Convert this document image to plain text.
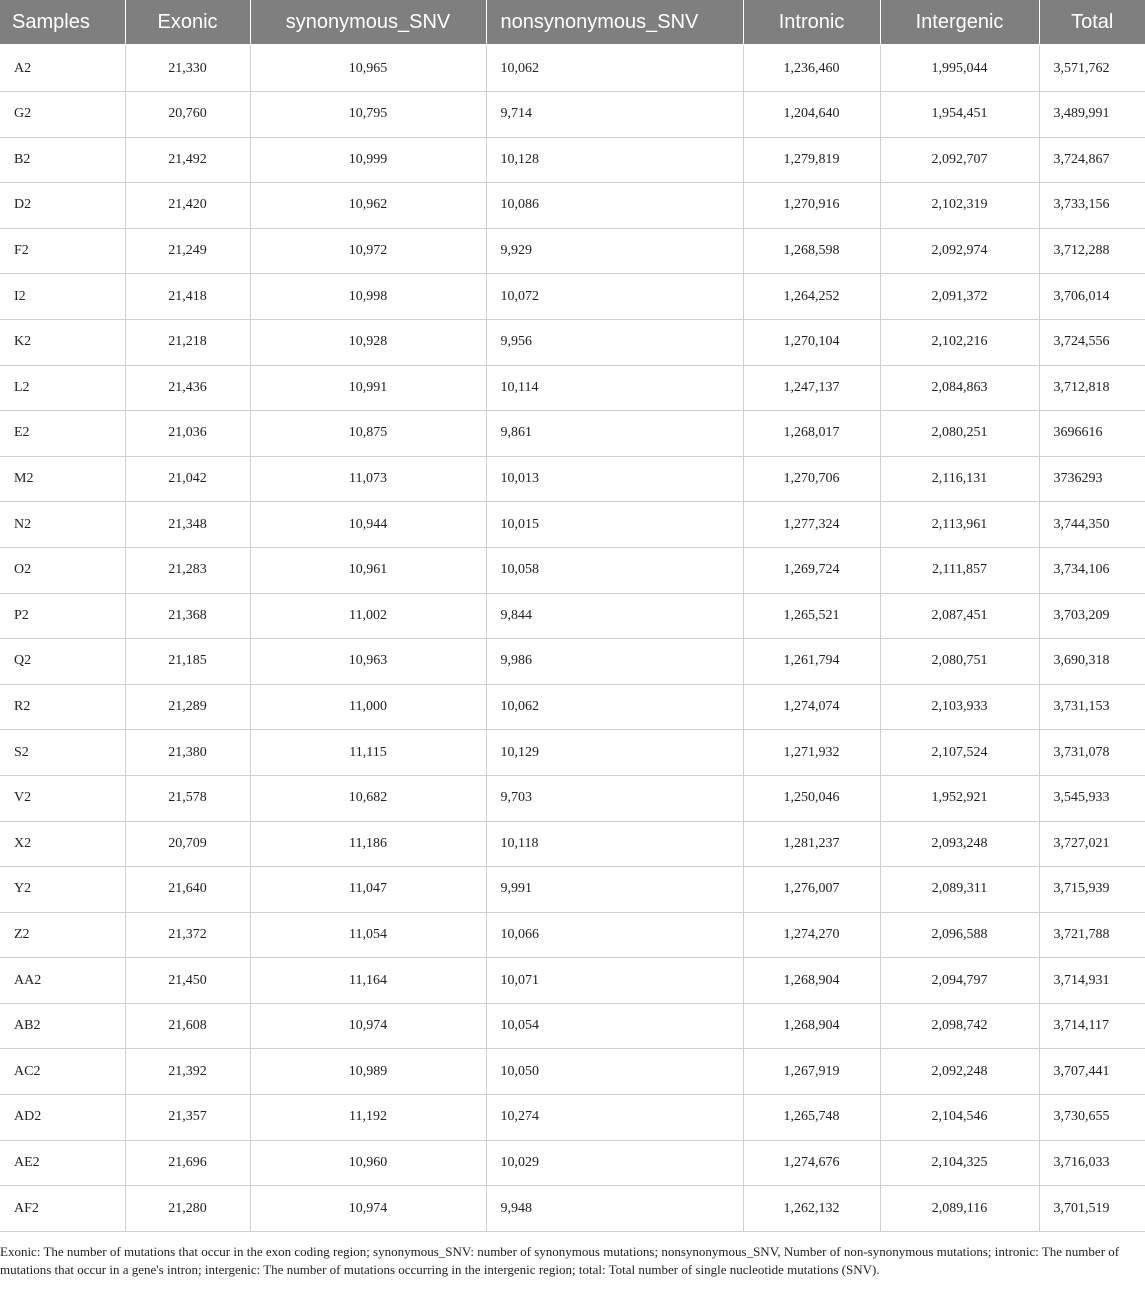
Samples	Exonic	synonymous_SNV	nonsynonymous_SNV	Intronic	Intergenic	Total
A2	21,330	10,965	10,062	1,236,460	1,995,044	3,571,762
G2	20,760	10,795	9,714	1,204,640	1,954,451	3,489,991
B2	21,492	10,999	10,128	1,279,819	2,092,707	3,724,867
D2	21,420	10,962	10,086	1,270,916	2,102,319	3,733,156
F2	21,249	10,972	9,929	1,268,598	2,092,974	3,712,288
I2	21,418	10,998	10,072	1,264,252	2,091,372	3,706,014
K2	21,218	10,928	9,956	1,270,104	2,102,216	3,724,556
L2	21,436	10,991	10,114	1,247,137	2,084,863	3,712,818
E2	21,036	10,875	9,861	1,268,017	2,080,251	3696616
M2	21,042	11,073	10,013	1,270,706	2,116,131	3736293
N2	21,348	10,944	10,015	1,277,324	2,113,961	3,744,350
O2	21,283	10,961	10,058	1,269,724	2,111,857	3,734,106
P2	21,368	11,002	9,844	1,265,521	2,087,451	3,703,209
Q2	21,185	10,963	9,986	1,261,794	2,080,751	3,690,318
R2	21,289	11,000	10,062	1,274,074	2,103,933	3,731,153
S2	21,380	11,115	10,129	1,271,932	2,107,524	3,731,078
V2	21,578	10,682	9,703	1,250,046	1,952,921	3,545,933
X2	20,709	11,186	10,118	1,281,237	2,093,248	3,727,021
Y2	21,640	11,047	9,991	1,276,007	2,089,311	3,715,939
Z2	21,372	11,054	10,066	1,274,270	2,096,588	3,721,788
AA2	21,450	11,164	10,071	1,268,904	2,094,797	3,714,931
AB2	21,608	10,974	10,054	1,268,904	2,098,742	3,714,117
AC2	21,392	10,989	10,050	1,267,919	2,092,248	3,707,441
AD2	21,357	11,192	10,274	1,265,748	2,104,546	3,730,655
AE2	21,696	10,960	10,029	1,274,676	2,104,325	3,716,033
AF2	21,280	10,974	9,948	1,262,132	2,089,116	3,701,519
Exonic: The number of mutations that occur in the exon coding region; synonymous_SNV: number of synonymous mutations; nonsynonymous_SNV, Number of non-synonymous mutations; intronic: The number of mutations that occur in a gene's intron; intergenic: The number of mutations occurring in the intergenic region; total: Total number of single nucleotide mutations (SNV).
